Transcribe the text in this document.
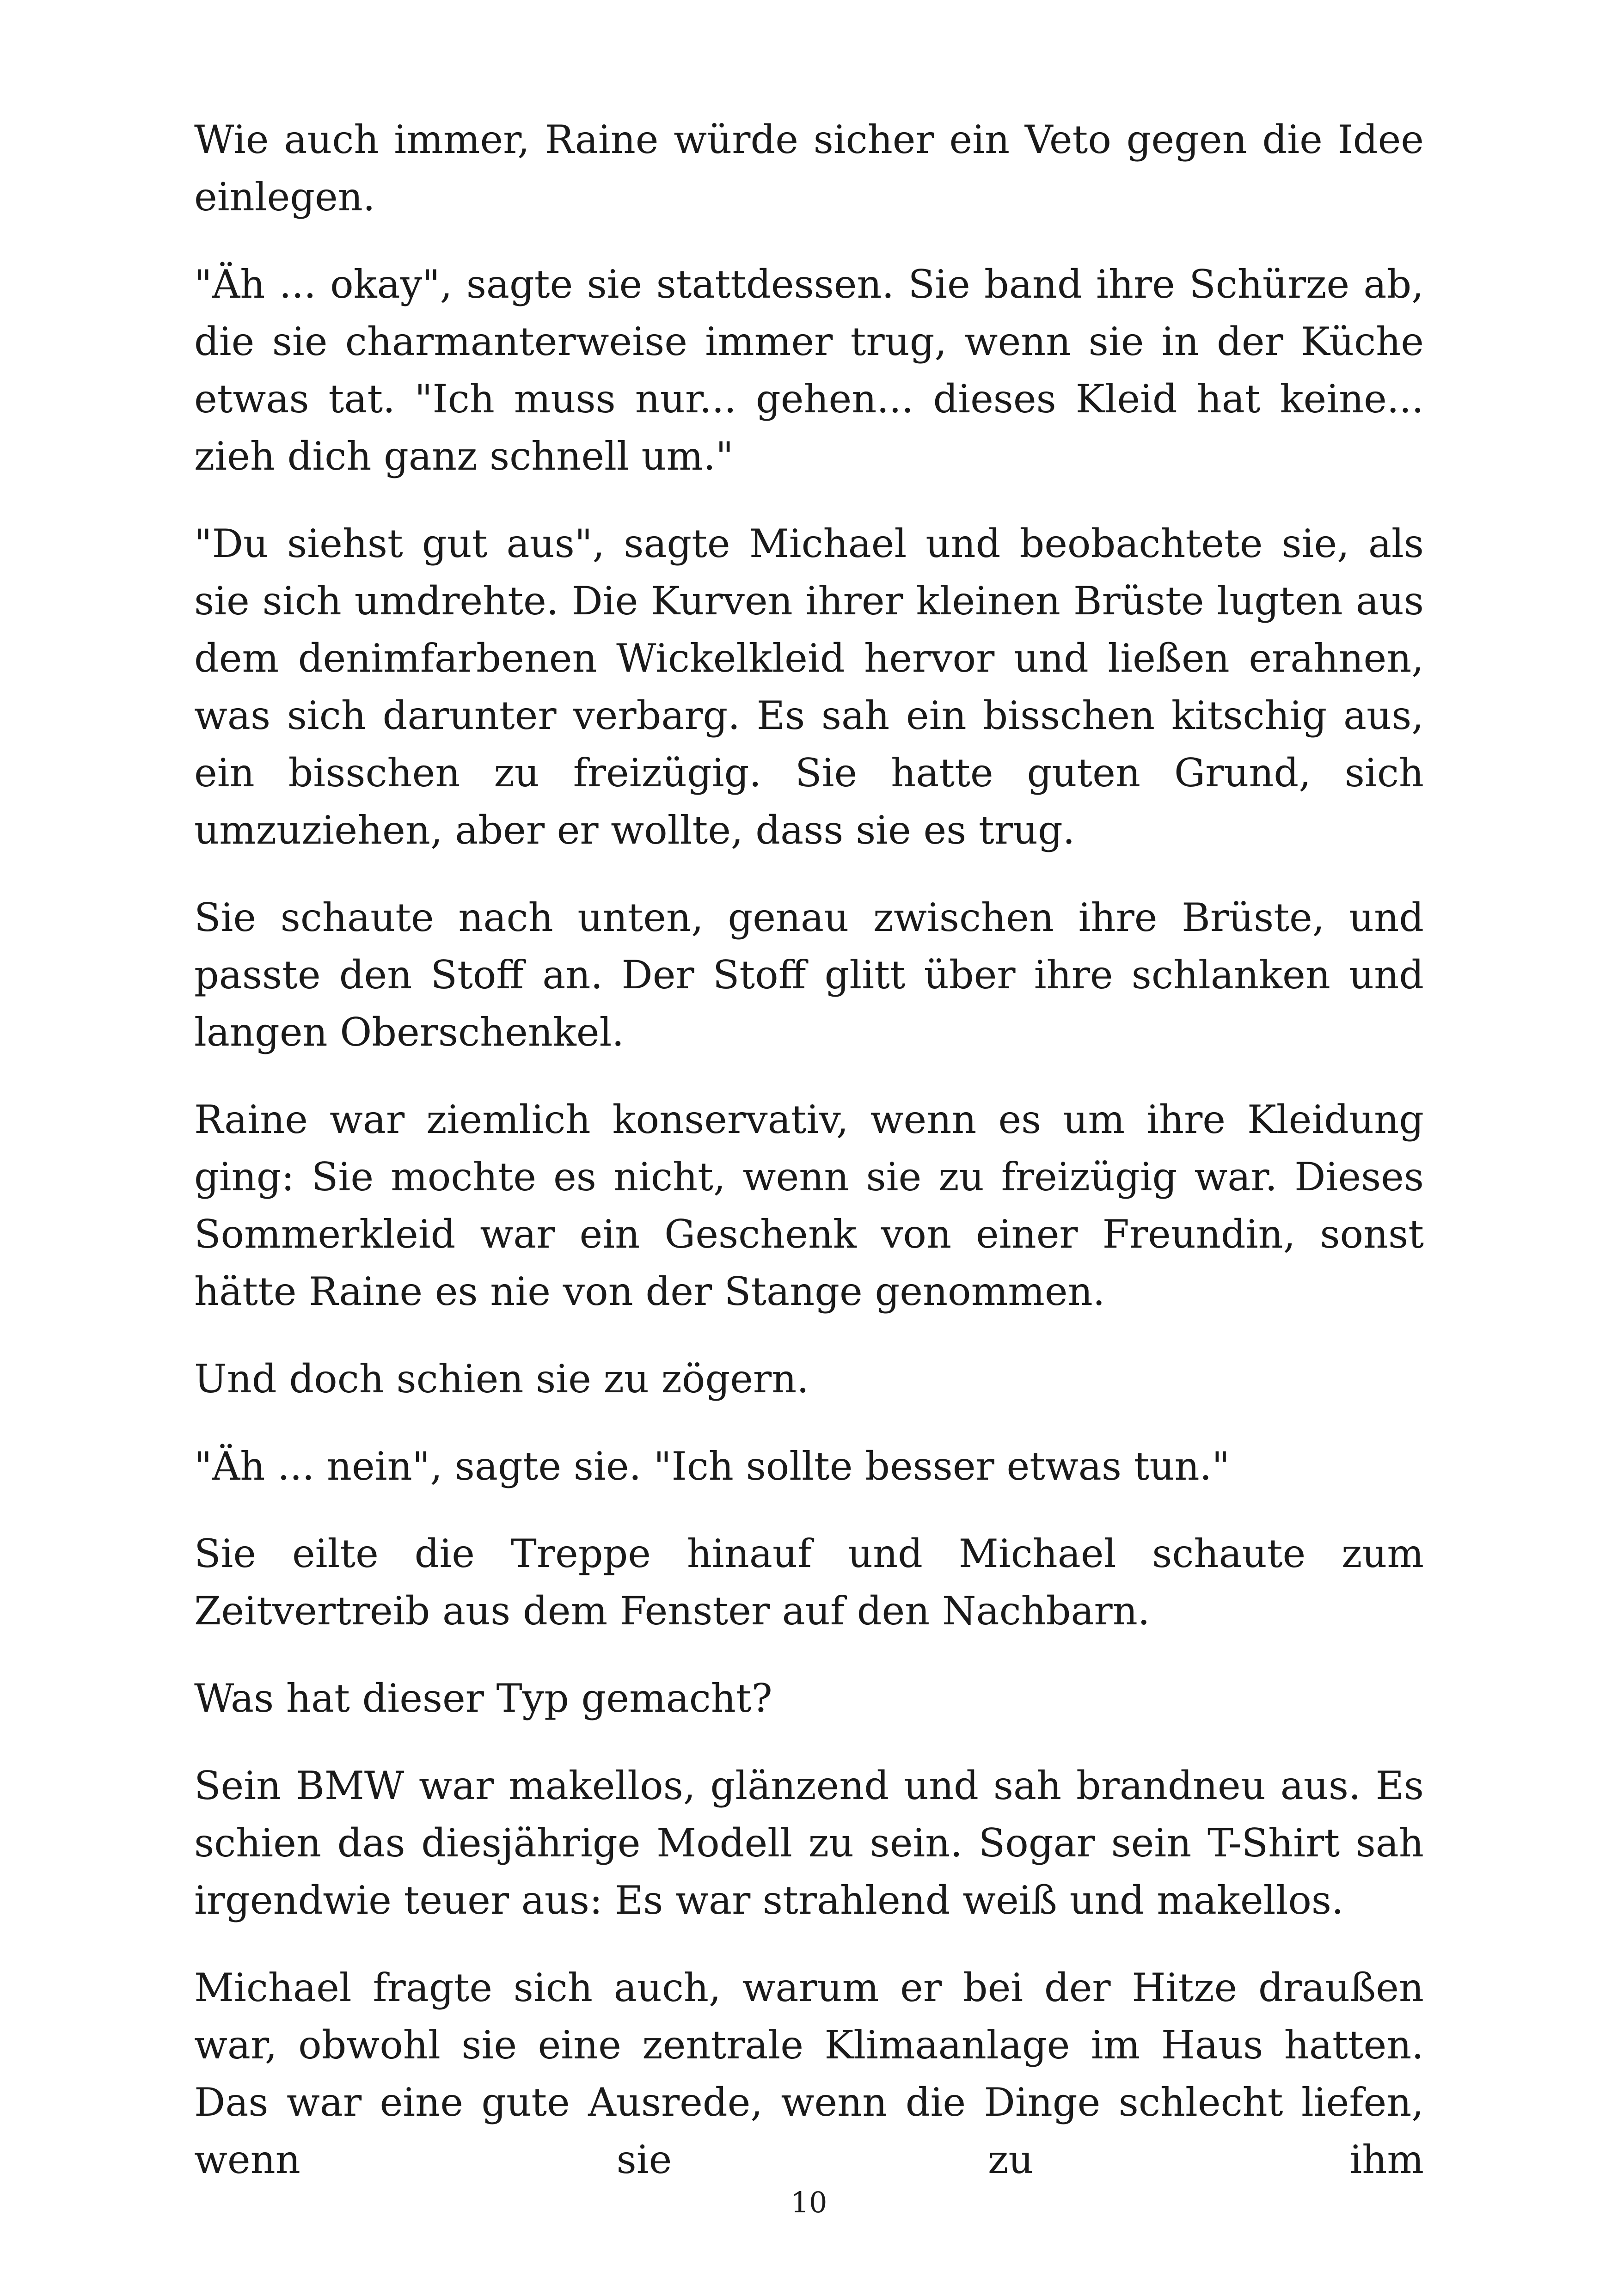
Wie auch immer, Raine würde sicher ein Veto gegen die Idee einlegen.

"Äh ... okay", sagte sie stattdessen. Sie band ihre Schürze ab, die sie charmanterweise immer trug, wenn sie in der Küche etwas tat. "Ich muss nur... gehen... dieses Kleid hat keine... zieh dich ganz schnell um."

"Du siehst gut aus", sagte Michael und beobachtete sie, als sie sich umdrehte. Die Kurven ihrer kleinen Brüste lugten aus dem denimfarbenen Wickelkleid hervor und ließen erahnen, was sich darunter verbarg. Es sah ein bisschen kitschig aus, ein bisschen zu freizügig. Sie hatte guten Grund, sich umzuziehen, aber er wollte, dass sie es trug.

Sie schaute nach unten, genau zwischen ihre Brüste, und passte den Stoff an. Der Stoff glitt über ihre schlanken und langen Oberschenkel.

Raine war ziemlich konservativ, wenn es um ihre Kleidung ging: Sie mochte es nicht, wenn sie zu freizügig war. Dieses Sommerkleid war ein Geschenk von einer Freundin, sonst hätte Raine es nie von der Stange genommen.

Und doch schien sie zu zögern.

"Äh ... nein", sagte sie. "Ich sollte besser etwas tun."

Sie eilte die Treppe hinauf und Michael schaute zum Zeitvertreib aus dem Fenster auf den Nachbarn.

Was hat dieser Typ gemacht?

Sein BMW war makellos, glänzend und sah brandneu aus. Es schien das diesjährige Modell zu sein. Sogar sein T-Shirt sah irgendwie teuer aus: Es war strahlend weiß und makellos.

Michael fragte sich auch, warum er bei der Hitze draußen war, obwohl sie eine zentrale Klimaanlage im Haus hatten. Das war eine gute Ausrede, wenn die Dinge schlecht liefen, wenn sie zu ihm

10
